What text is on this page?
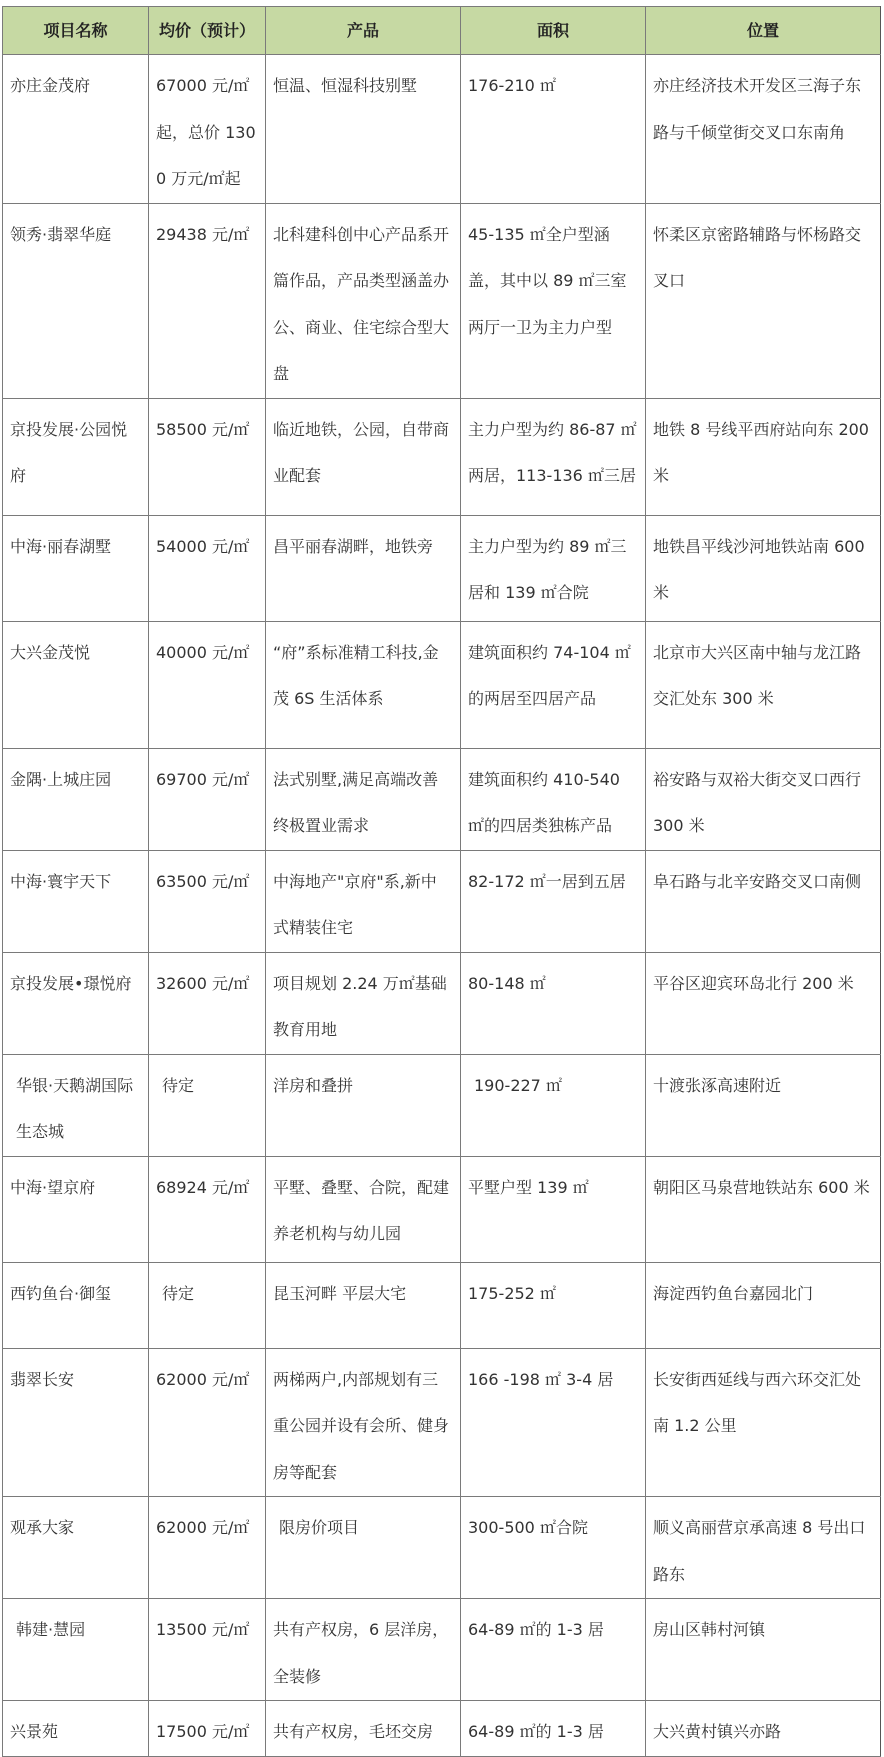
项目名称	均价（预计）	产品	面积	位置
亦庄金茂府	67000 元/㎡起，总价 1300 万元/㎡起	恒温、恒湿科技别墅	176-210 ㎡	亦庄经济技术开发区三海子东路与千倾堂街交叉口东南角
领秀·翡翠华庭	29438 元/㎡	北科建科创中心产品系开篇作品，产品类型涵盖办公、商业、住宅综合型大盘	45-135 ㎡全户型涵盖，其中以 89 ㎡三室两厅一卫为主力户型	怀柔区京密路辅路与怀杨路交叉口
京投发展·公园悦府	58500 元/㎡	临近地铁，公园，自带商业配套	主力户型为约 86-87 ㎡两居，113-136 ㎡三居	地铁 8 号线平西府站向东 200 米
中海·丽春湖墅	54000 元/㎡	昌平丽春湖畔，地铁旁	主力户型为约 89 ㎡三居和 139 ㎡合院	地铁昌平线沙河地铁站南 600 米
大兴金茂悦	40000 元/㎡	“府”系标准精工科技,金茂 6S 生活体系	建筑面积约 74-104 ㎡的两居至四居产品	北京市大兴区南中轴与龙江路交汇处东 300 米
金隅·上城庄园	69700 元/㎡	法式别墅,满足高端改善终极置业需求	建筑面积约 410-540 ㎡的四居类独栋产品	裕安路与双裕大街交叉口西行 300 米
中海·寰宇天下	63500 元/㎡	中海地产"京府"系,新中式精装住宅	82-172 ㎡一居到五居	阜石路与北辛安路交叉口南侧
京投发展•璟悦府	32600 元/㎡	项目规划 2.24 万㎡基础教育用地	80-148 ㎡	平谷区迎宾环岛北行 200 米
华银·天鹅湖国际生态城	待定	洋房和叠拼	190-227 ㎡	十渡张涿高速附近
中海·望京府	68924 元/㎡	平墅、叠墅、合院，配建养老机构与幼儿园	平墅户型 139 ㎡	朝阳区马泉营地铁站东 600 米
西钓鱼台·御玺	待定	昆玉河畔 平层大宅	175-252 ㎡	海淀西钓鱼台嘉园北门
翡翠长安	62000 元/㎡	两梯两户,内部规划有三重公园并设有会所、健身房等配套	166 -198 ㎡ 3-4 居	长安街西延线与西六环交汇处南 1.2 公里
观承大家	62000 元/㎡	限房价项目	300-500 ㎡合院	顺义高丽营京承高速 8 号出口路东
韩建·慧园	13500 元/㎡	共有产权房，6 层洋房，全装修	64-89 ㎡的 1-3 居	房山区韩村河镇
兴景苑	17500 元/㎡	共有产权房，毛坯交房	64-89 ㎡的 1-3 居	大兴黄村镇兴亦路
